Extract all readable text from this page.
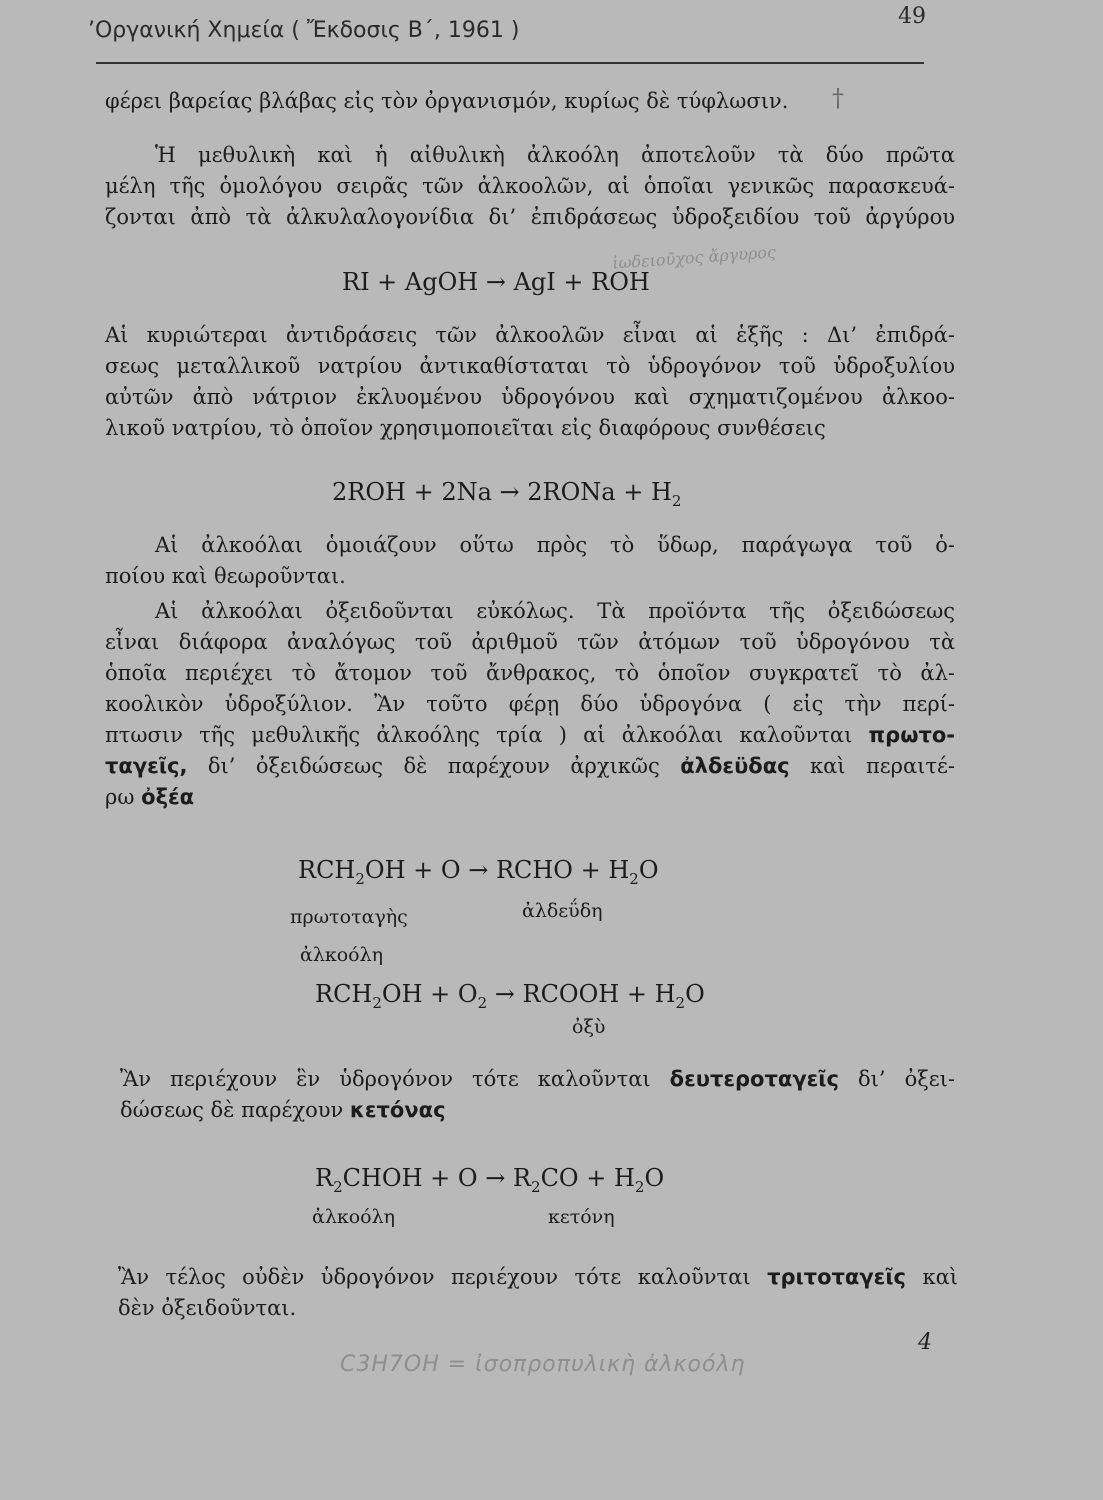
’Οργανική Χημεία ( Ἔκδοσις Β΄, 1961 )
49
φέρει βαρείας βλάβας εἰς τὸν ὀργανισμόν, κυρίως δὲ τύφλωσιν.	†
Ἡ μεθυλικὴ καὶ ἡ αἰθυλικὴ ἀλκοόλη ἀποτελοῦν τὰ δύο πρῶτα
μέλη τῆς ὁμολόγου σειρᾶς τῶν ἀλκοολῶν, αἱ ὁποῖαι γενικῶς παρασκευά-
ζονται ἀπὸ τὰ ἀλκυλαλογονίδια δι’ ἐπιδράσεως ὑδροξειδίου τοῦ ἀργύρου
ἰωδειοῦχος ἄργυρος
RI + AgOH → AgI + ROH
Αἱ κυριώτεραι ἀντιδράσεις τῶν ἀλκοολῶν εἶναι αἱ ἑξῆς : Δι’ ἐπιδρά-
σεως μεταλλικοῦ νατρίου ἀντικαθίσταται τὸ ὑδρογόνον τοῦ ὑδροξυλίου
αὐτῶν ἀπὸ νάτριον ἐκλυομένου ὑδρογόνου καὶ σχηματιζομένου ἀλκοο-
λικοῦ νατρίου, τὸ ὁποῖον χρησιμοποιεῖται εἰς διαφόρους συνθέσεις
2ROH + 2Na → 2RONa + $H_2$
Αἱ ἀλκοόλαι ὁμοιάζουν οὕτω πρὸς τὸ ὕδωρ, παράγωγα τοῦ ὁ-
ποίου καὶ θεωροῦνται.
Αἱ ἀλκοόλαι ὀξειδοῦνται εὐκόλως. Τὰ προϊόντα τῆς ὀξειδώσεως
εἶναι διάφορα ἀναλόγως τοῦ ἀριθμοῦ τῶν ἀτόμων τοῦ ὑδρογόνου τὰ
ὁποῖα περιέχει τὸ ἄτομον τοῦ ἄνθρακος, τὸ ὁποῖον συγκρατεῖ τὸ ἀλ-
κοολικὸν ὑδροξύλιον. Ἂν τοῦτο φέρῃ δύο ὑδρογόνα ( εἰς τὴν περί-
πτωσιν τῆς μεθυλικῆς ἀλκοόλης τρία ) αἱ ἀλκοόλαι καλοῦνται πρωτο-
ταγεῖς, δι’ ὀξειδώσεως δὲ παρέχουν ἀρχικῶς ἀλδεϋδας καὶ περαιτέ-
ρω ὀξέα
$RCH_2OH + O$ → RCHO + $H_2O$
πρωτοταγὴς	ἀλδεΰδη
ἀλκοόλη
$RCH_2OH + O_2$ → RCOOH + $H_2O$
ὀξὺ
Ἂν περιέχουν ἓν ὑδρογόνον τότε καλοῦνται δευτεροταγεῖς δι’ ὀξει-
δώσεως δὲ παρέχουν κετόνας
$R_2CHOH + O \to R_2CO + H_2O$
ἀλκοόλη	κετόνη
Ἂν τέλος οὐδὲν ὑδρογόνον περιέχουν τότε καλοῦνται τριτοταγεῖς καὶ
δὲν ὀξειδοῦνται.
4
C3H7OH = ἰσοπροπυλικὴ ἀλκοόλη
